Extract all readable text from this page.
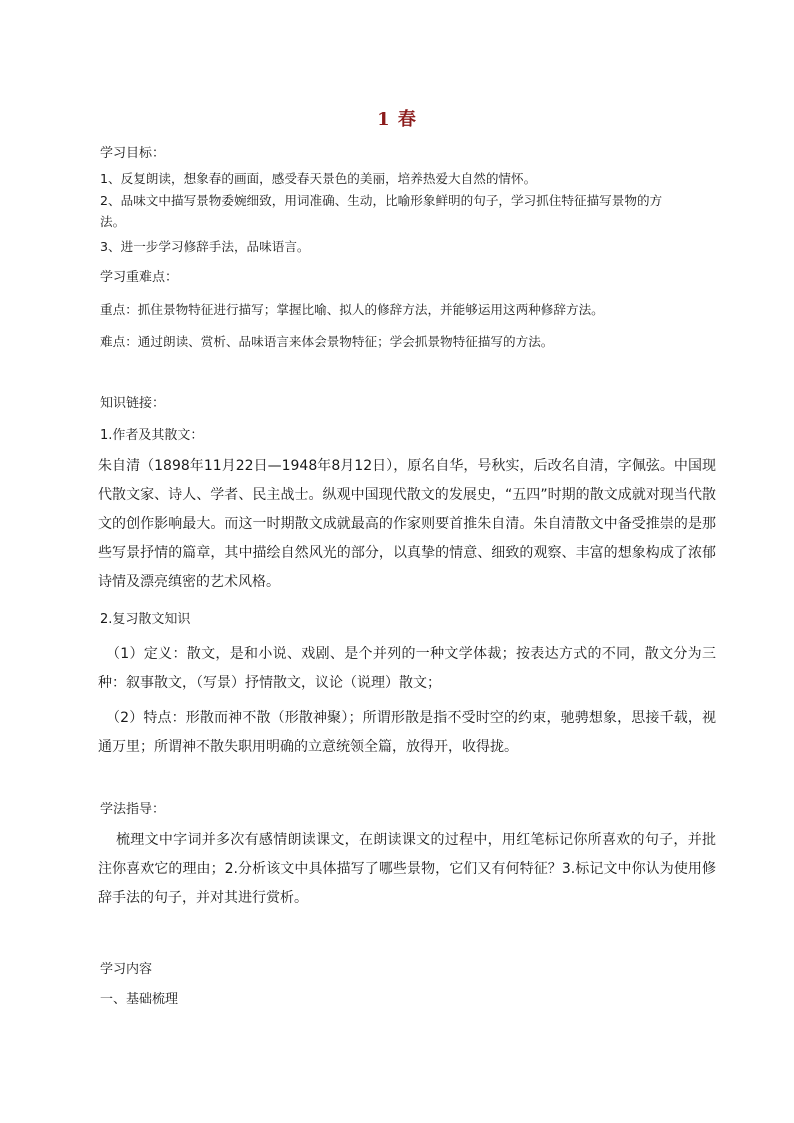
1 春
学习目标：
1、反复朗读，想象春的画面，感受春天景色的美丽，培养热爱大自然的情怀。
2、品味文中描写景物委婉细致，用词准确、生动，比喻形象鲜明的句子，学习抓住特征描写景物的方
法。
3、进一步学习修辞手法，品味语言。
学习重难点：
重点：抓住景物特征进行描写；掌握比喻、拟人的修辞方法，并能够运用这两种修辞方法。
难点：通过朗读、赏析、品味语言来体会景物特征；学会抓景物特征描写的方法。
知识链接：
1.作者及其散文：
朱自清（1898年11月22日—1948年8月12日），原名自华，号秋实，后改名自清，字佩弦。中国现代散文家、诗人、学者、民主战士。纵观中国现代散文的发展史，“五四”时期的散文成就对现当代散文的创作影响最大。而这一时期散文成就最高的作家则要首推朱自清。朱自清散文中备受推崇的是那些写景抒情的篇章，其中描绘自然风光的部分，以真挚的情意、细致的观察、丰富的想象构成了浓郁诗情及漂亮缜密的艺术风格。
2.复习散文知识
（1）定义：散文，是和小说、戏剧、是个并列的一种文学体裁；按表达方式的不同，散文分为三种：叙事散文，（写景）抒情散文，议论（说理）散文；
（2）特点：形散而神不散（形散神聚）；所谓形散是指不受时空的约束，驰骋想象，思接千载，视通万里；所谓神不散失职用明确的立意统领全篇，放得开，收得拢。
学法指导：
梳理文中字词并多次有感情朗读课文，在朗读课文的过程中，用红笔标记你所喜欢的句子，并批注你喜欢它的理由；2.分析该文中具体描写了哪些景物，它们又有何特征？3.标记文中你认为使用修辞手法的句子，并对其进行赏析。
学习内容
一、基础梳理
